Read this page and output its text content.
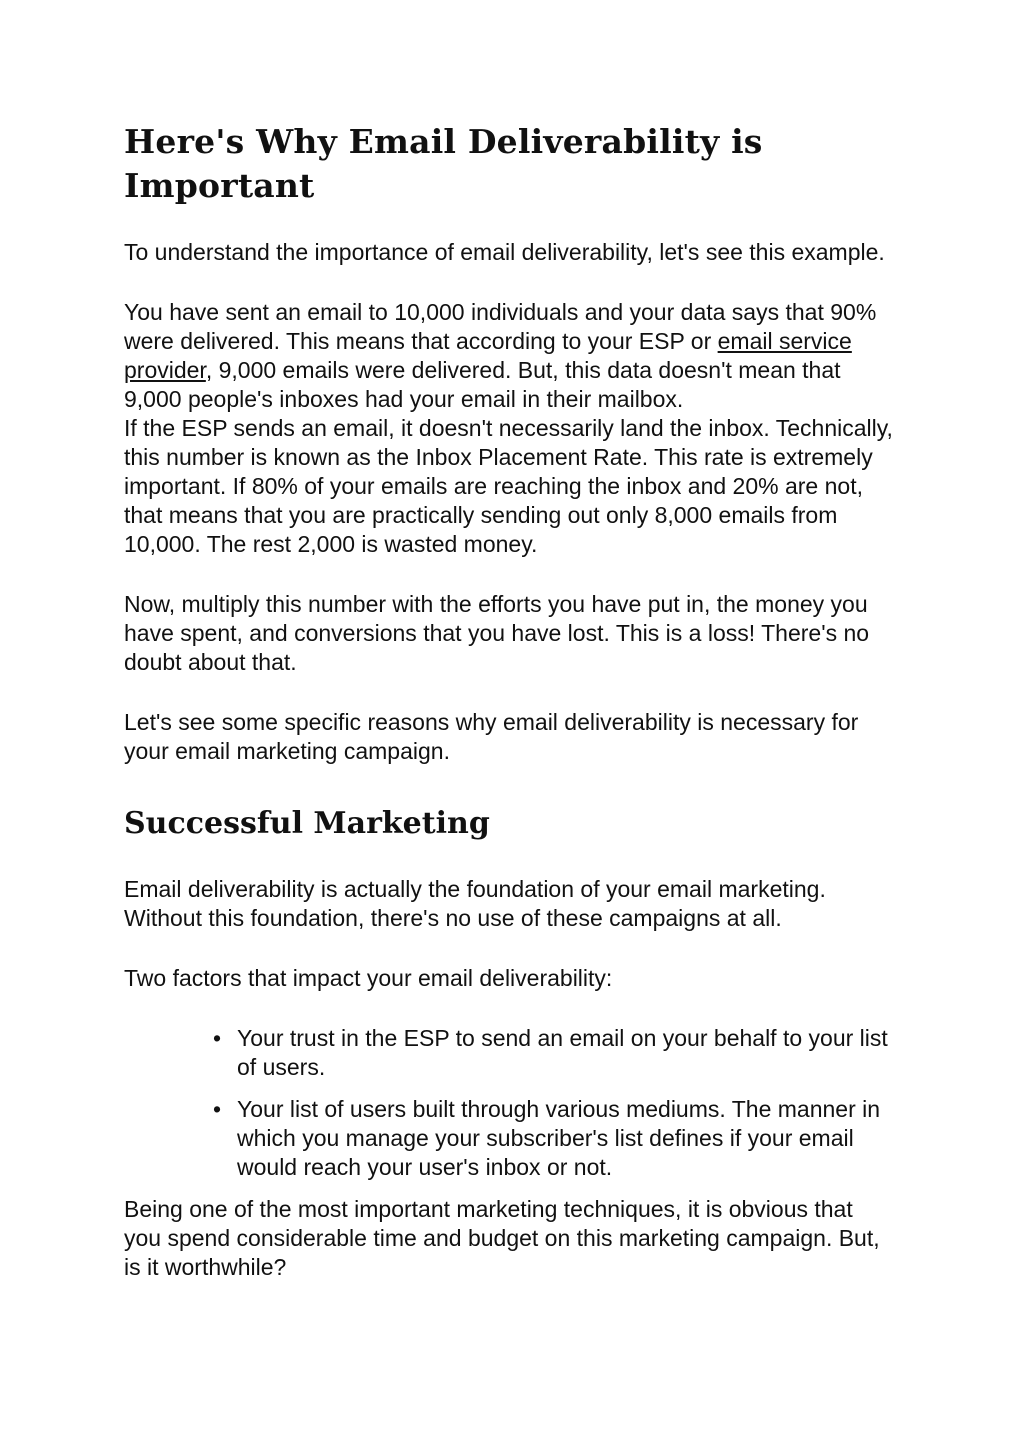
Here's Why Email Deliverability is Important

To understand the importance of email deliverability, let's see this example.

You have sent an email to 10,000 individuals and your data says that 90% were delivered. This means that according to your ESP or email service provider, 9,000 emails were delivered. But, this data doesn't mean that 9,000 people's inboxes had your email in their mailbox.
If the ESP sends an email, it doesn't necessarily land the inbox. Technically, this number is known as the Inbox Placement Rate. This rate is extremely important. If 80% of your emails are reaching the inbox and 20% are not, that means that you are practically sending out only 8,000 emails from 10,000. The rest 2,000 is wasted money.

Now, multiply this number with the efforts you have put in, the money you have spent, and conversions that you have lost. This is a loss! There's no doubt about that.

Let's see some specific reasons why email deliverability is necessary for your email marketing campaign.

Successful Marketing

Email deliverability is actually the foundation of your email marketing. Without this foundation, there's no use of these campaigns at all.

Two factors that impact your email deliverability:

• Your trust in the ESP to send an email on your behalf to your list of users.
• Your list of users built through various mediums. The manner in which you manage your subscriber's list defines if your email would reach your user's inbox or not.

Being one of the most important marketing techniques, it is obvious that you spend considerable time and budget on this marketing campaign. But, is it worthwhile?
